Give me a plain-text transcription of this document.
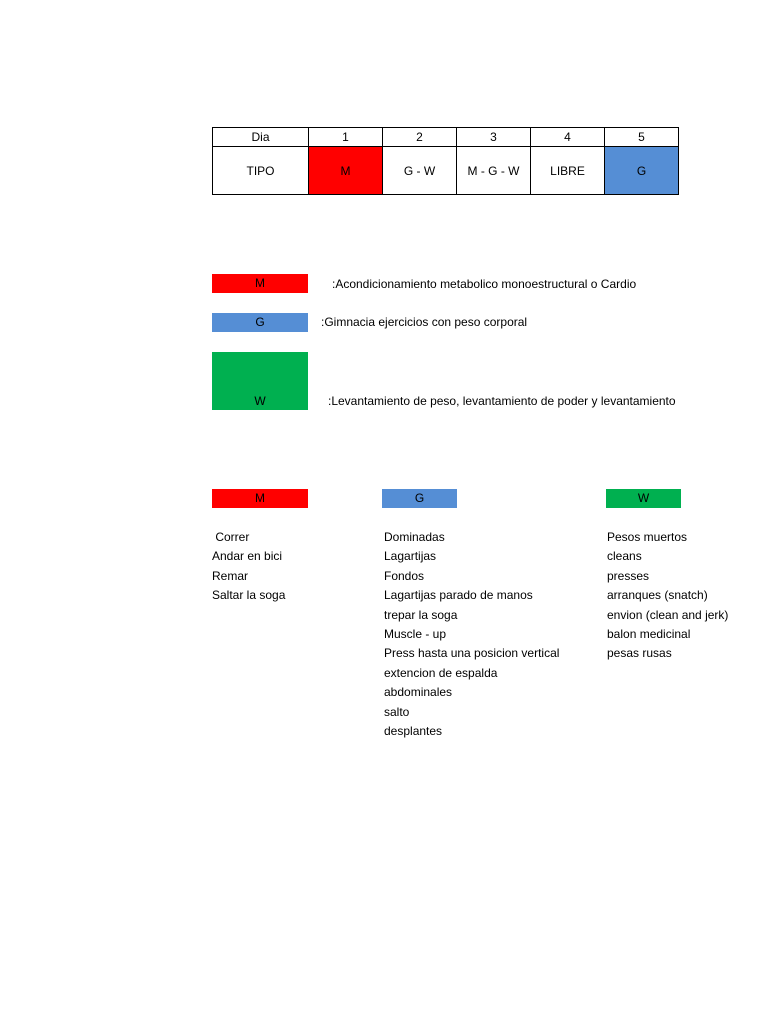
Dia	1	2	3	4	5
TIPO	M	G - W	M - G - W	LIBRE	G
M	:Acondicionamiento metabolico monoestructural o Cardio
G	:Gimnacia ejercicios con peso corporal
W	:Levantamiento de peso, levantamiento de poder y levantamiento
M
Correr
Andar en bici
Remar
Saltar la soga
G
Dominadas
Lagartijas
Fondos
Lagartijas parado de manos
trepar la soga
Muscle - up
Press hasta una posicion vertical
extencion de espalda
abdominales
salto
desplantes
W
Pesos muertos
cleans
presses
arranques (snatch)
envion (clean and jerk)
balon medicinal
pesas rusas
